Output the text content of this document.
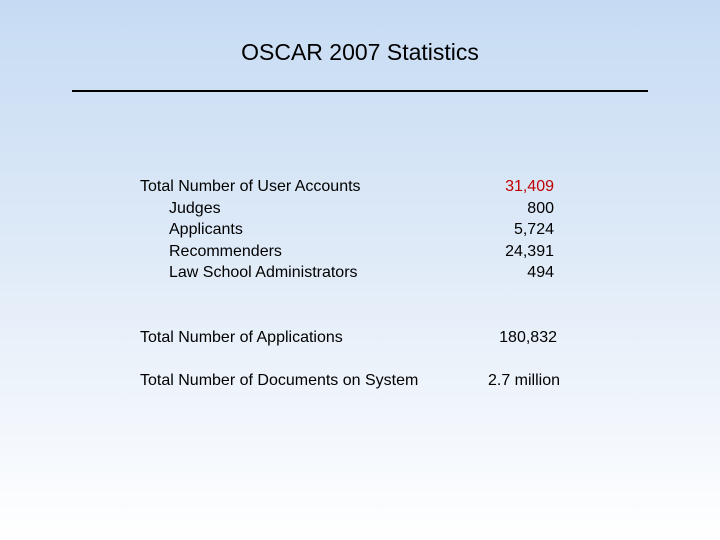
OSCAR 2007 Statistics
Total Number of User Accounts	31,409
Judges	800
Applicants	5,724
Recommenders	24,391
Law School Administrators	494
Total Number of Applications	180,832
Total Number of Documents on System	2.7 million
